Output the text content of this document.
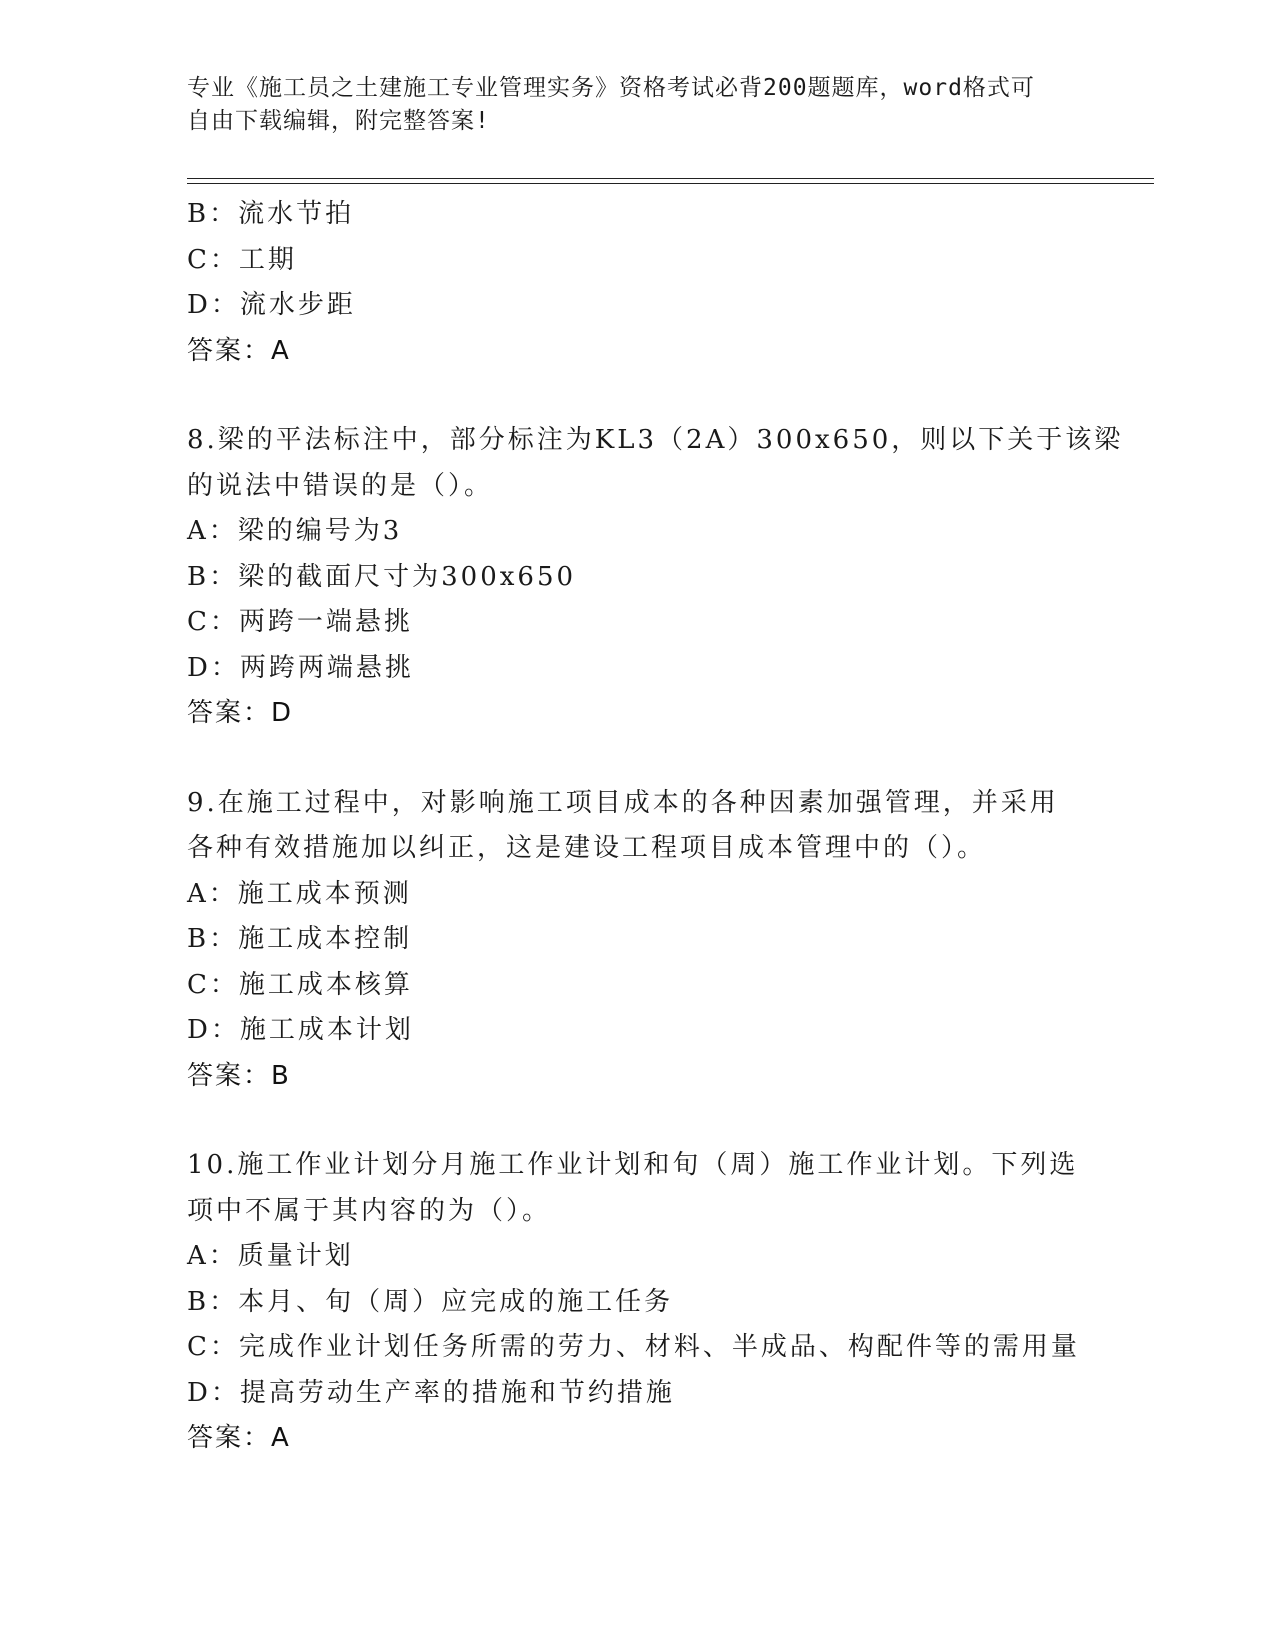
专业《施工员之土建施工专业管理实务》资格考试必背200题题库，word格式可
自由下载编辑，附完整答案!
B：流水节拍
C：工期
D：流水步距
答案：A
8.梁的平法标注中，部分标注为KL3（2A）300x650，则以下关于该梁
的说法中错误的是（）。
A：梁的编号为3
B：梁的截面尺寸为300x650
C：两跨一端悬挑
D：两跨两端悬挑
答案：D
9.在施工过程中，对影响施工项目成本的各种因素加强管理，并采用
各种有效措施加以纠正，这是建设工程项目成本管理中的（）。
A：施工成本预测
B：施工成本控制
C：施工成本核算
D：施工成本计划
答案：B
10.施工作业计划分月施工作业计划和旬（周）施工作业计划。下列选
项中不属于其内容的为（）。
A：质量计划
B：本月、旬（周）应完成的施工任务
C：完成作业计划任务所需的劳力、材料、半成品、构配件等的需用量
D：提高劳动生产率的措施和节约措施
答案：A
